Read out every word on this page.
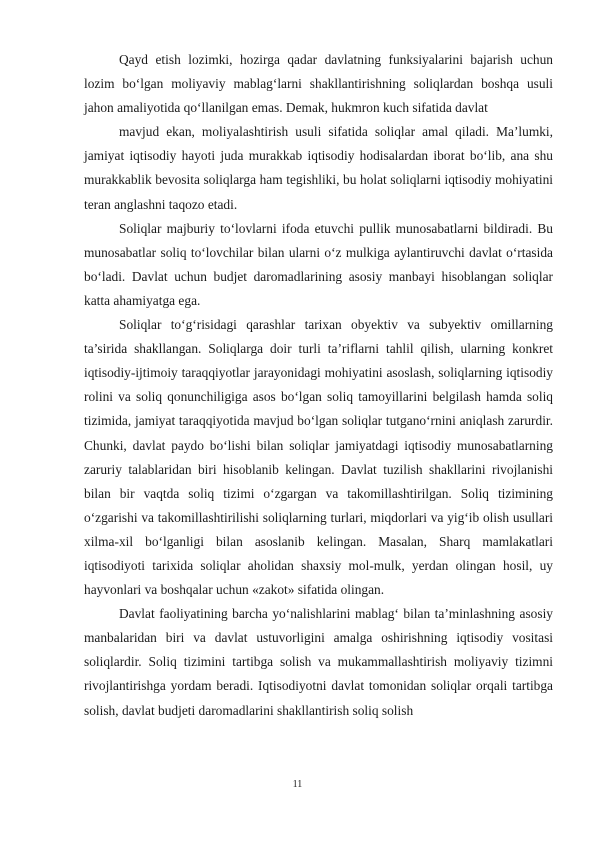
Qayd etish lozimki, hozirga qadar davlatning funksiyalarini bajarish uchun lozim bo‘lgan moliyaviy mablag‘larni shakllantirishning soliqlardan boshqa usuli jahon amaliyotida qo‘llanilgan emas. Demak, hukmron kuch sifatida davlat

mavjud ekan, moliyalashtirish usuli sifatida soliqlar amal qiladi. Ma’lumki, jamiyat iqtisodiy hayoti juda murakkab iqtisodiy hodisalardan iborat bo‘lib, ana shu murakkablik bevosita soliqlarga ham tegishliki, bu holat soliqlarni iqtisodiy mohiyatini teran anglashni taqozo etadi.

Soliqlar majburiy to‘lovlarni ifoda etuvchi pullik munosabatlarni bildiradi. Bu munosabatlar soliq to‘lovchilar bilan ularni o‘z mulkiga aylantiruvchi davlat o‘rtasida bo‘ladi. Davlat uchun budjet daromadlarining asosiy manbayi hisoblangan soliqlar katta ahamiyatga ega.

Soliqlar to‘g‘risidagi qarashlar tarixan obyektiv va subyektiv omillarning ta’sirida shakllangan. Soliqlarga doir turli ta’riflarni tahlil qilish, ularning konkret iqtisodiy-ijtimoiy taraqqiyotlar jarayonidagi mohiyatini asoslash, soliqlarning iqtisodiy rolini va soliq qonunchiligiga asos bo‘lgan soliq tamoyillarini belgilash hamda soliq tizimida, jamiyat taraqqiyotida mavjud bo‘lgan soliqlar tutgano‘rnini aniqlash zarurdir. Chunki, davlat paydo bo‘lishi bilan soliqlar jamiyatdagi iqtisodiy munosabatlarning zaruriy talablaridan biri hisoblanib kelingan. Davlat tuzilish shakllarini rivojlanishi bilan bir vaqtda soliq tizimi o‘zgargan va takomillashtirilgan. Soliq tizimining o‘zgarishi va takomillashtirilishi soliqlarning turlari, miqdorlari va yig‘ib olish usullari xilma-xil bo‘lganligi bilan asoslanib kelingan. Masalan, Sharq mamlakatlari iqtisodiyoti tarixida soliqlar aholidan shaxsiy mol-mulk, yerdan olingan hosil, uy hayvonlari va boshqalar uchun «zakot» sifatida olingan.

Davlat faoliyatining barcha yo‘nalishlarini mablag‘ bilan ta’minlashning asosiy manbalaridan biri va davlat ustuvorligini amalga oshirishning iqtisodiy vositasi soliqlardir. Soliq tizimini tartibga solish va mukammallashtirish moliyaviy tizimni rivojlantirishga yordam beradi. Iqtisodiyotni davlat tomonidan soliqlar orqali tartibga solish, davlat budjeti daromadlarini shakllantirish soliq solish

11
